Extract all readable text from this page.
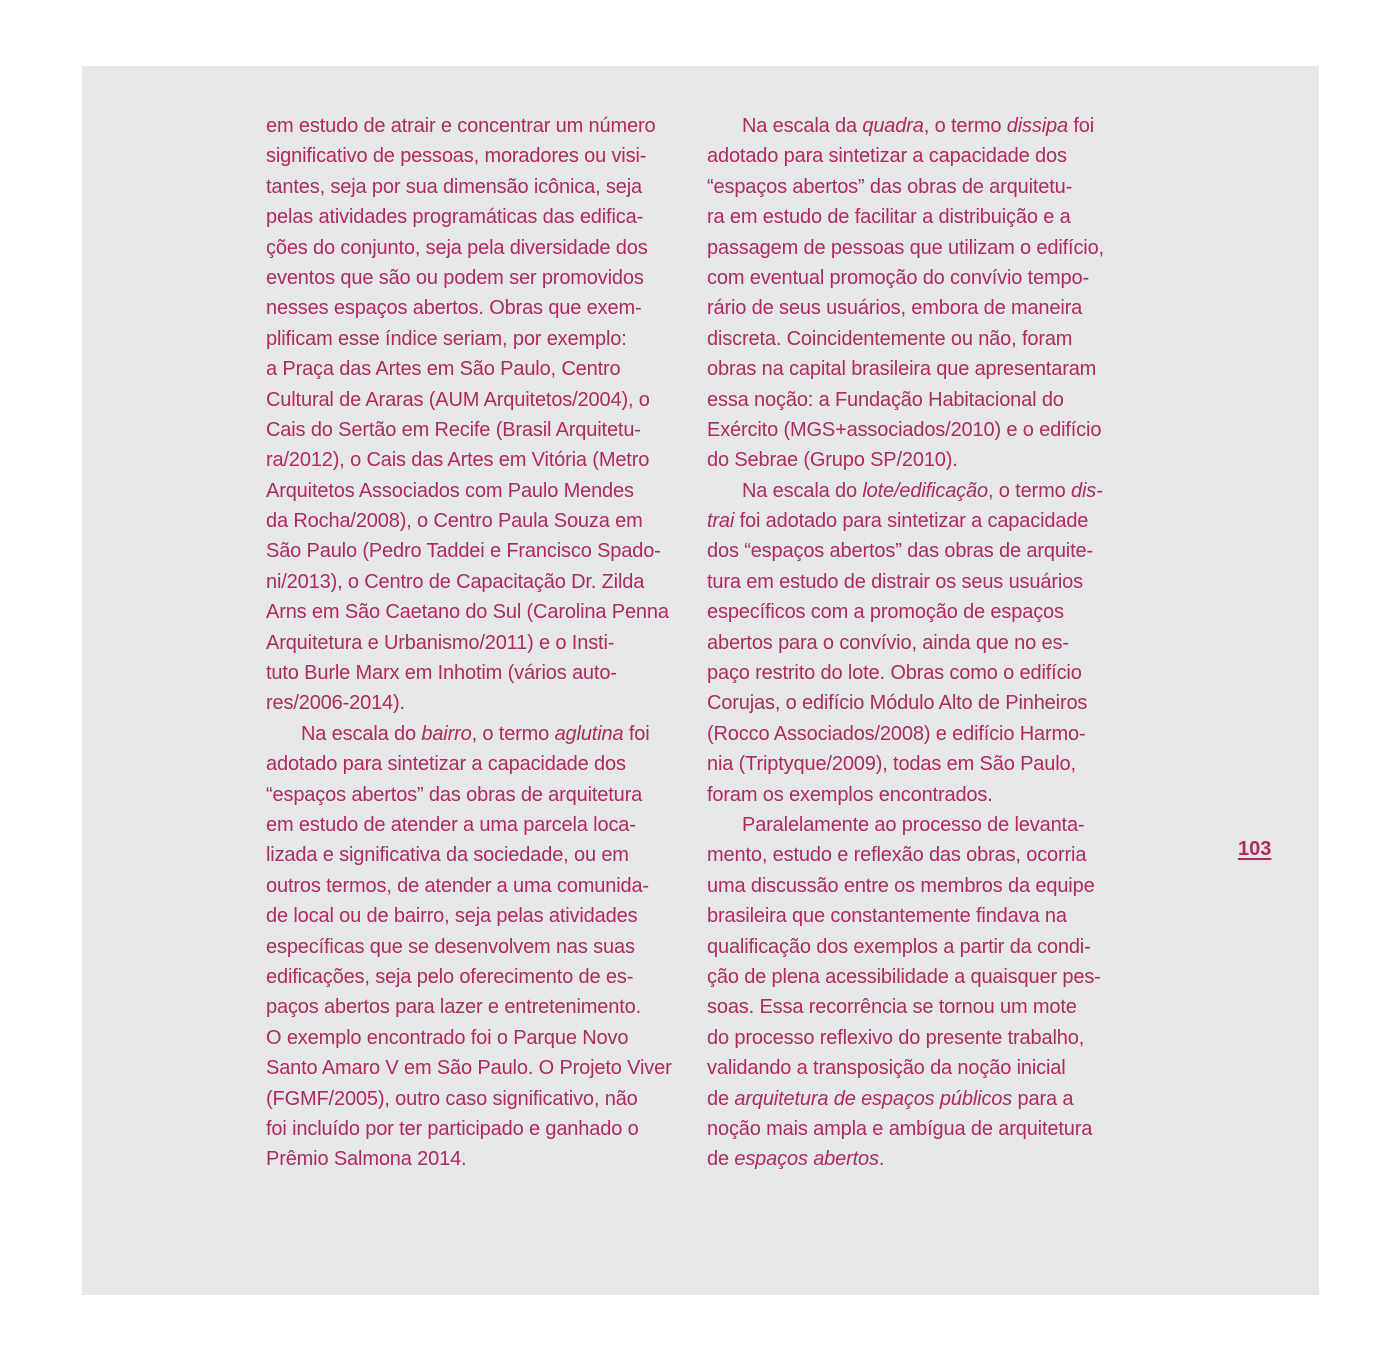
em estudo de atrair e concentrar um número
significativo de pessoas, moradores ou visi-
tantes, seja por sua dimensão icônica, seja
pelas atividades programáticas das edifica-
ções do conjunto, seja pela diversidade dos
eventos que são ou podem ser promovidos
nesses espaços abertos. Obras que exem-
plificam esse índice seriam, por exemplo:
a Praça das Artes em São Paulo, Centro
Cultural de Araras (AUM Arquitetos/2004), o
Cais do Sertão em Recife (Brasil Arquitetu-
ra/2012), o Cais das Artes em Vitória (Metro
Arquitetos Associados com Paulo Mendes
da Rocha/2008), o Centro Paula Souza em
São Paulo (Pedro Taddei e Francisco Spado-
ni/2013), o Centro de Capacitação Dr. Zilda
Arns em São Caetano do Sul (Carolina Penna
Arquitetura e Urbanismo/2011) e o Insti-
tuto Burle Marx em Inhotim (vários auto-
res/2006-2014).
Na escala do bairro, o termo aglutina foi
adotado para sintetizar a capacidade dos
“espaços abertos” das obras de arquitetura
em estudo de atender a uma parcela loca-
lizada e significativa da sociedade, ou em
outros termos, de atender a uma comunida-
de local ou de bairro, seja pelas atividades
específicas que se desenvolvem nas suas
edificações, seja pelo oferecimento de es-
paços abertos para lazer e entretenimento.
O exemplo encontrado foi o Parque Novo
Santo Amaro V em São Paulo. O Projeto Viver
(FGMF/2005), outro caso significativo, não
foi incluído por ter participado e ganhado o
Prêmio Salmona 2014.
Na escala da quadra, o termo dissipa foi
adotado para sintetizar a capacidade dos
“espaços abertos” das obras de arquitetu-
ra em estudo de facilitar a distribuição e a
passagem de pessoas que utilizam o edifício,
com eventual promoção do convívio tempo-
rário de seus usuários, embora de maneira
discreta. Coincidentemente ou não, foram
obras na capital brasileira que apresentaram
essa noção: a Fundação Habitacional do
Exército (MGS+associados/2010) e o edifício
do Sebrae (Grupo SP/2010).
Na escala do lote/edificação, o termo dis-
trai foi adotado para sintetizar a capacidade
dos “espaços abertos” das obras de arquite-
tura em estudo de distrair os seus usuários
específicos com a promoção de espaços
abertos para o convívio, ainda que no es-
paço restrito do lote. Obras como o edifício
Corujas, o edifício Módulo Alto de Pinheiros
(Rocco Associados/2008) e edifício Harmo-
nia (Triptyque/2009), todas em São Paulo,
foram os exemplos encontrados.
Paralelamente ao processo de levanta-
mento, estudo e reflexão das obras, ocorria
uma discussão entre os membros da equipe
brasileira que constantemente findava na
qualificação dos exemplos a partir da condi-
ção de plena acessibilidade a quaisquer pes-
soas. Essa recorrência se tornou um mote
do processo reflexivo do presente trabalho,
validando a transposição da noção inicial
de arquitetura de espaços públicos para a
noção mais ampla e ambígua de arquitetura
de espaços abertos.
103
